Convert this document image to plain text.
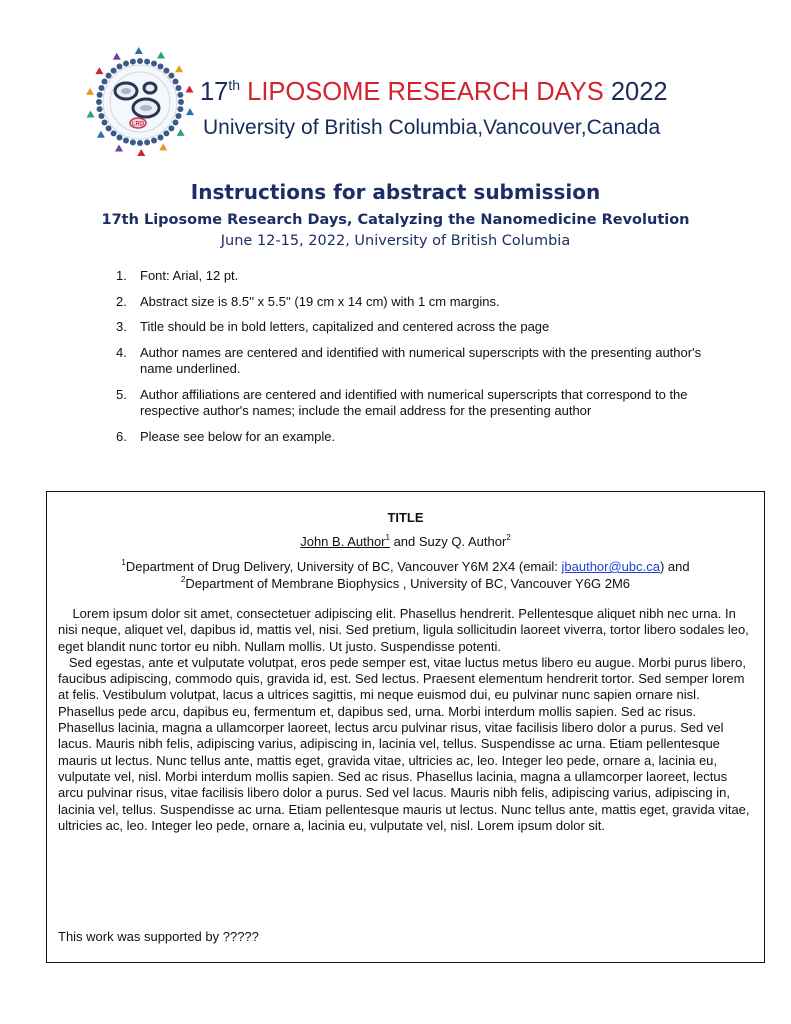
LRD
17th LIPOSOME RESEARCH DAYS 2022
University of British Columbia,Vancouver,Canada
Instructions for abstract submission
17th Liposome Research Days, Catalyzing the Nanomedicine Revolution
June 12-15, 2022, University of British Columbia
1. Font: Arial, 12 pt.
2. Abstract size is 8.5'' x 5.5'' (19 cm x 14 cm) with 1 cm margins.
3. Title should be in bold letters, capitalized and centered across the page
4. Author names are centered and identified with numerical superscripts with the presenting author's name underlined.
5. Author affiliations are centered and identified with numerical superscripts that correspond to the respective author's names; include the email address for the presenting author
6. Please see below for an example.
TITLE
John B. Author$^1$ and Suzy Q. Author$^2$
$^1$Department of Drug Delivery, University of BC, Vancouver Y6M 2X4 (email: jbauthor@ubc.ca) and
$^2$Department of Membrane Biophysics , University of BC, Vancouver Y6G 2M6

Lorem ipsum dolor sit amet, consectetuer adipiscing elit. Phasellus hendrerit. Pellentesque aliquet nibh nec urna. In nisi neque, aliquet vel, dapibus id, mattis vel, nisi. Sed pretium, ligula sollicitudin laoreet viverra, tortor libero sodales leo, eget blandit nunc tortor eu nibh. Nullam mollis. Ut justo. Suspendisse potenti.

Sed egestas, ante et vulputate volutpat, eros pede semper est, vitae luctus metus libero eu augue. Morbi purus libero, faucibus adipiscing, commodo quis, gravida id, est. Sed lectus. Praesent elementum hendrerit tortor. Sed semper lorem at felis. Vestibulum volutpat, lacus a ultrices sagittis, mi neque euismod dui, eu pulvinar nunc sapien ornare nisl. Phasellus pede arcu, dapibus eu, fermentum et, dapibus sed, urna. Morbi interdum mollis sapien. Sed ac risus. Phasellus lacinia, magna a ullamcorper laoreet, lectus arcu pulvinar risus, vitae facilisis libero dolor a purus. Sed vel lacus. Mauris nibh felis, adipiscing varius, adipiscing in, lacinia vel, tellus. Suspendisse ac urna. Etiam pellentesque mauris ut lectus. Nunc tellus ante, mattis eget, gravida vitae, ultricies ac, leo. Integer leo pede, ornare a, lacinia eu, vulputate vel, nisl. Morbi interdum mollis sapien. Sed ac risus. Phasellus lacinia, magna a ullamcorper laoreet, lectus arcu pulvinar risus, vitae facilisis libero dolor a purus. Sed vel lacus. Mauris nibh felis, adipiscing varius, adipiscing in, lacinia vel, tellus. Suspendisse ac urna. Etiam pellentesque mauris ut lectus. Nunc tellus ante, mattis eget, gravida vitae, ultricies ac, leo. Integer leo pede, ornare a, lacinia eu, vulputate vel, nisl. Lorem ipsum dolor sit.

This work was supported by ?????
